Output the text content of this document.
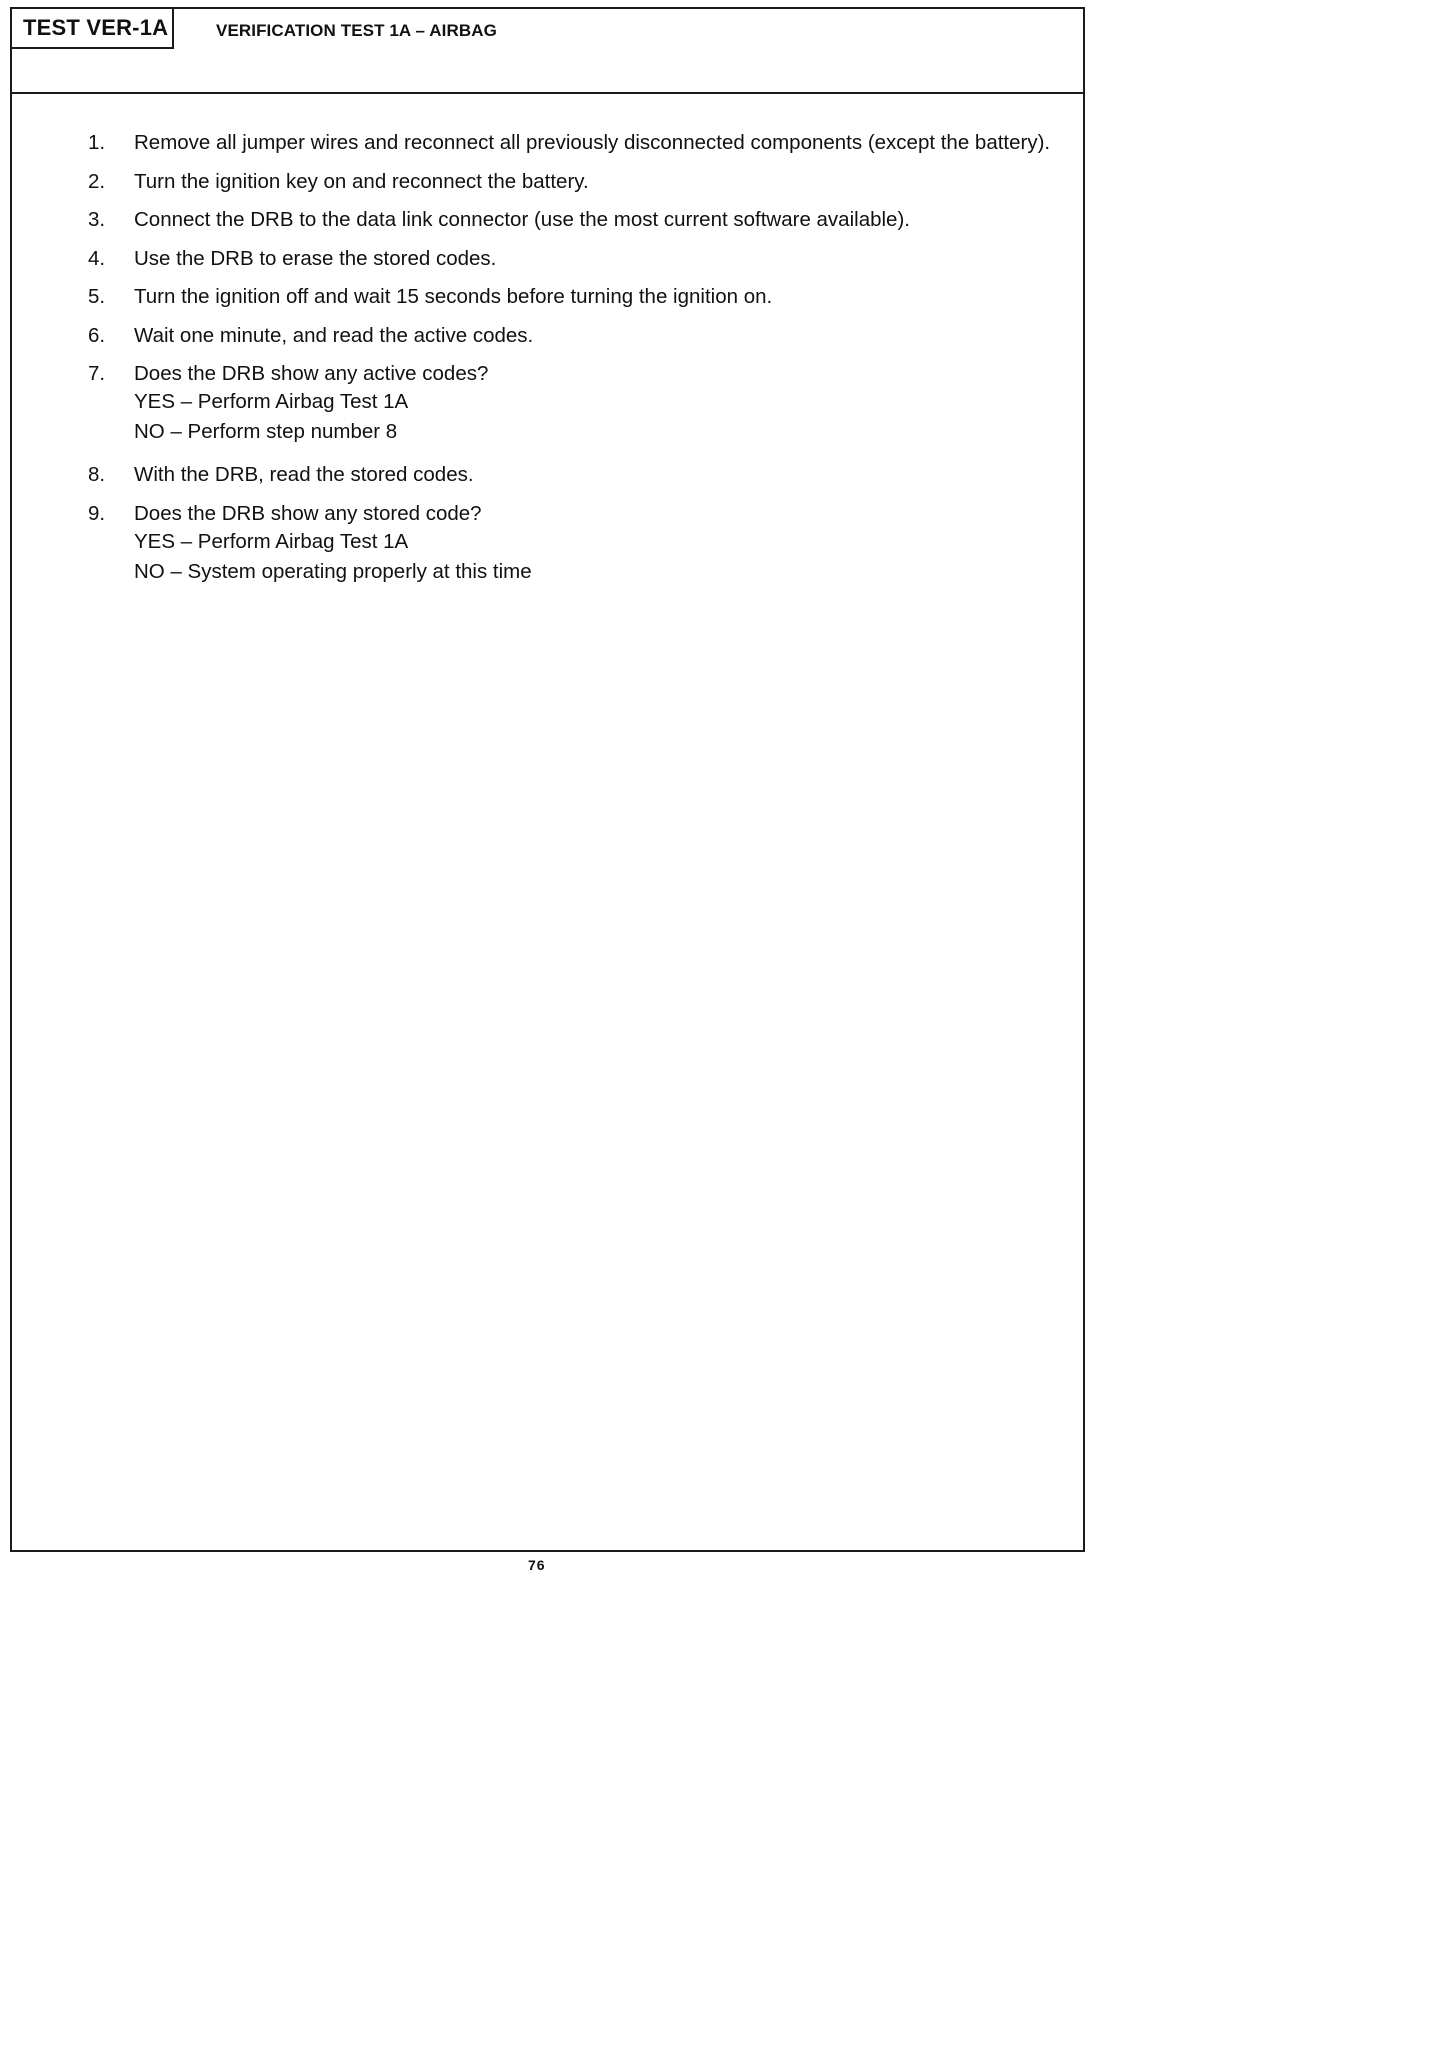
TEST VER-1A	VERIFICATION TEST 1A – AIRBAG
1.	Remove all jumper wires and reconnect all previously disconnected components (except the battery).
2.	Turn the ignition key on and reconnect the battery.
3.	Connect the DRB to the data link connector (use the most current software available).
4.	Use the DRB to erase the stored codes.
5.	Turn the ignition off and wait 15 seconds before turning the ignition on.
6.	Wait one minute, and read the active codes.
7.	Does the DRB show any active codes?
YES – Perform Airbag Test 1A
NO – Perform step number 8
8.	With the DRB, read the stored codes.
9.	Does the DRB show any stored code?
YES – Perform Airbag Test 1A
NO – System operating properly at this time
76
